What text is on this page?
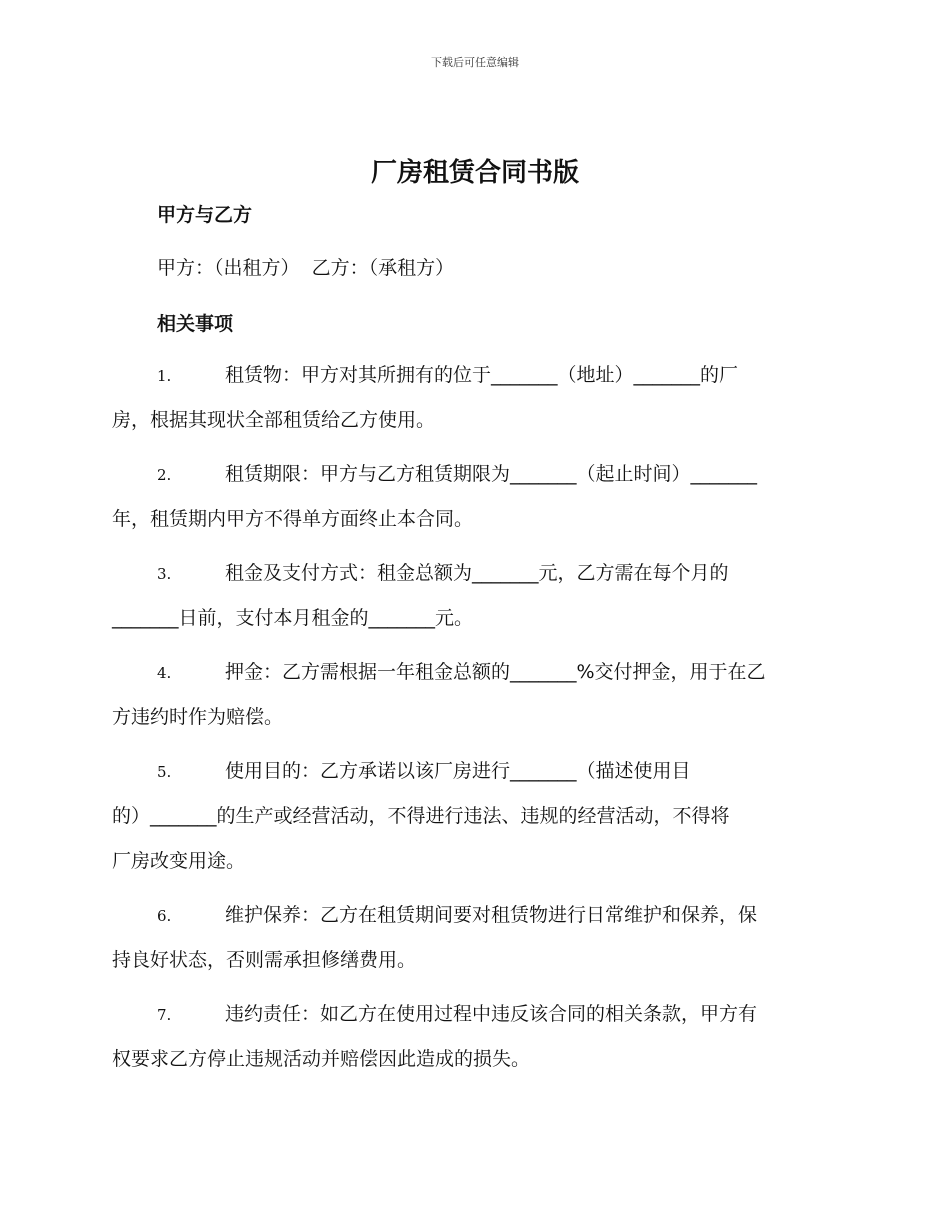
下载后可任意编辑
厂房租赁合同书版
甲方与乙方
甲方：（出租方） 乙方：（承租方）
相关事项
1.	租赁物：甲方对其所拥有的位于_______（地址）_______的厂
房，根据其现状全部租赁给乙方使用。
2.	租赁期限：甲方与乙方租赁期限为_______（起止时间）_______
年，租赁期内甲方不得单方面终止本合同。
3.	租金及支付方式：租金总额为_______元，乙方需在每个月的
_______日前，支付本月租金的_______元。
4.	押金：乙方需根据一年租金总额的_______%交付押金，用于在乙
方违约时作为赔偿。
5.	使用目的：乙方承诺以该厂房进行_______（描述使用目
的）_______的生产或经营活动，不得进行违法、违规的经营活动，不得将
厂房改变用途。
6.	维护保养：乙方在租赁期间要对租赁物进行日常维护和保养，保
持良好状态，否则需承担修缮费用。
7.	违约责任：如乙方在使用过程中违反该合同的相关条款，甲方有
权要求乙方停止违规活动并赔偿因此造成的损失。
